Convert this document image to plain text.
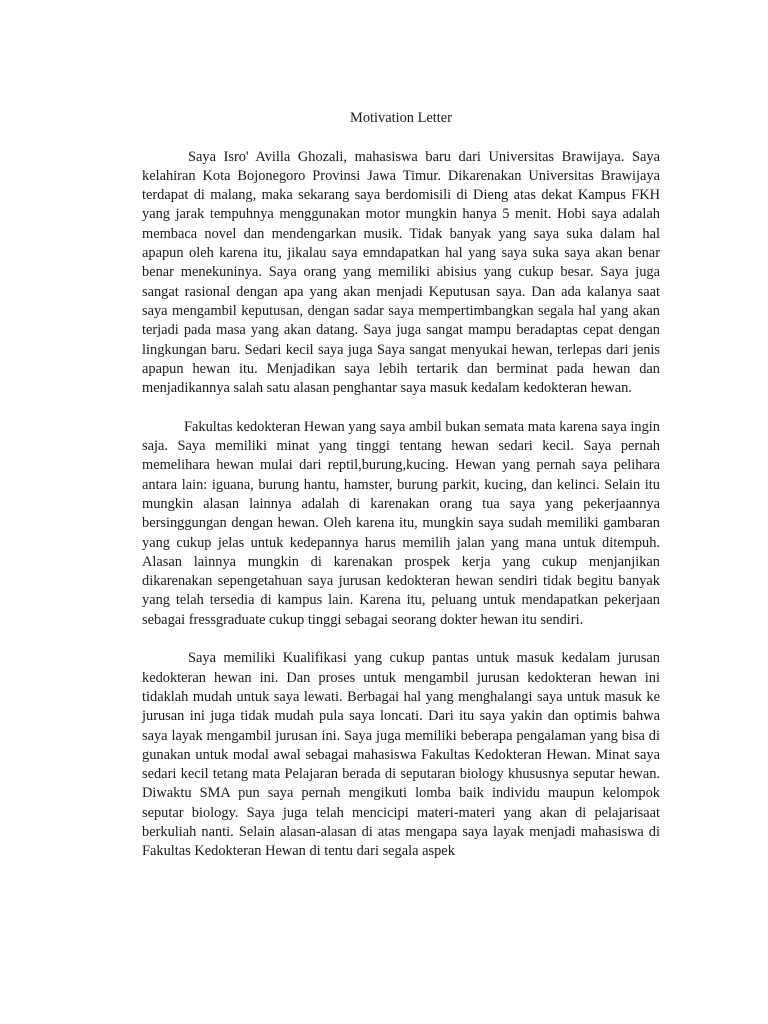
Motivation Letter

Saya Isro' Avilla Ghozali, mahasiswa baru dari Universitas Brawijaya. Saya kelahiran Kota Bojonegoro Provinsi Jawa Timur. Dikarenakan Universitas Brawijaya terdapat di malang, maka sekarang saya berdomisili di Dieng atas dekat Kampus FKH yang jarak tempuhnya menggunakan motor mungkin hanya 5 menit. Hobi saya adalah membaca novel dan mendengarkan musik. Tidak banyak yang saya suka dalam hal apapun oleh karena itu, jikalau saya emndapatkan hal yang saya suka saya akan benar benar menekuninya. Saya orang yang memiliki abisius yang cukup besar. Saya juga sangat rasional dengan apa yang akan menjadi Keputusan saya. Dan ada kalanya saat saya mengambil keputusan, dengan sadar saya mempertimbangkan segala hal yang akan terjadi pada masa yang akan datang. Saya juga sangat mampu beradaptas cepat dengan lingkungan baru. Sedari kecil saya juga Saya sangat menyukai hewan, terlepas dari jenis apapun hewan itu. Menjadikan saya lebih tertarik dan berminat pada hewan dan menjadikannya salah satu alasan penghantar saya masuk kedalam kedokteran hewan.

Fakultas kedokteran Hewan yang saya ambil bukan semata mata karena saya ingin saja. Saya memiliki minat yang tinggi tentang hewan sedari kecil. Saya pernah memelihara hewan mulai dari reptil,burung,kucing. Hewan yang pernah saya pelihara antara lain: iguana, burung hantu, hamster, burung parkit, kucing, dan kelinci. Selain itu mungkin alasan lainnya adalah di karenakan orang tua saya yang pekerjaannya bersinggungan dengan hewan. Oleh karena itu, mungkin saya sudah memiliki gambaran yang cukup jelas untuk kedepannya harus memilih jalan yang mana untuk ditempuh. Alasan lainnya mungkin di karenakan prospek kerja yang cukup menjanjikan dikarenakan sepengetahuan saya jurusan kedokteran hewan sendiri tidak begitu banyak yang telah tersedia di kampus lain. Karena itu, peluang untuk mendapatkan pekerjaan sebagai fressgraduate cukup tinggi sebagai seorang dokter hewan itu sendiri.

Saya memiliki Kualifikasi yang cukup pantas untuk masuk kedalam jurusan kedokteran hewan ini. Dan proses untuk mengambil jurusan kedokteran hewan ini tidaklah mudah untuk saya lewati. Berbagai hal yang menghalangi saya untuk masuk ke jurusan ini juga tidak mudah pula saya loncati. Dari itu saya yakin dan optimis bahwa saya layak mengambil jurusan ini. Saya juga memiliki beberapa pengalaman yang bisa di gunakan untuk modal awal sebagai mahasiswa Fakultas Kedokteran Hewan. Minat saya sedari kecil tetang mata Pelajaran berada di seputaran biology khususnya seputar hewan. Diwaktu SMA pun saya pernah mengikuti lomba baik individu maupun kelompok seputar biology. Saya juga telah mencicipi materi-materi yang akan di pelajarisaat berkuliah nanti. Selain alasan-alasan di atas mengapa saya layak menjadi mahasiswa di Fakultas Kedokteran Hewan di tentu dari segala aspek
